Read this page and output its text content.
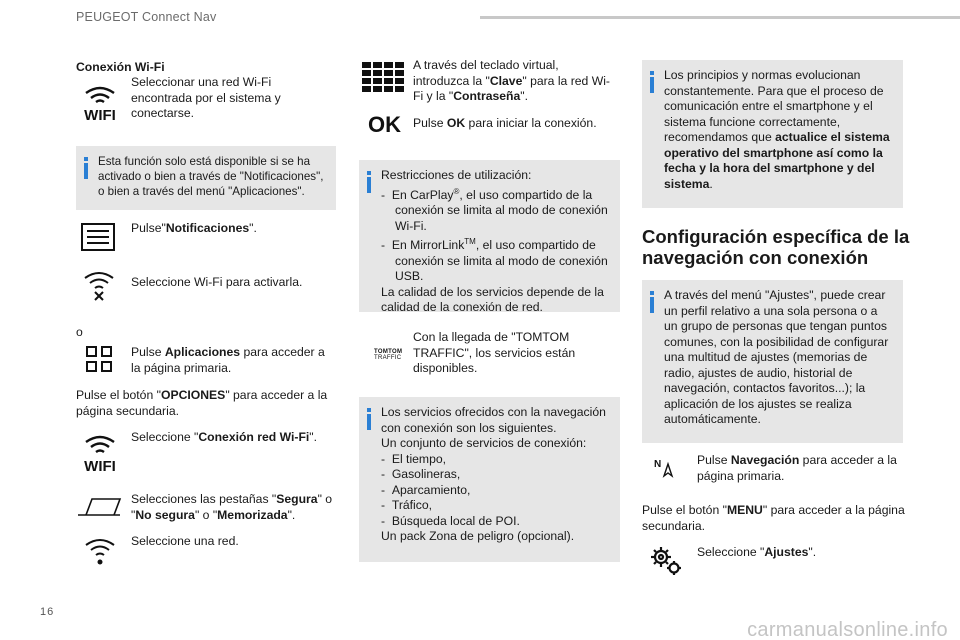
PEUGEOT Connect Nav
Conexión Wi-Fi
WIFI
Seleccionar una red Wi-Fi encontrada por el sistema y conectarse.
Esta función solo está disponible si se ha activado o bien a través de "Notificaciones", o bien a través del menú "Aplicaciones".
Pulse"Notificaciones".
Seleccione Wi-Fi para activarla.
o
Pulse Aplicaciones para acceder a la página primaria.
Pulse el botón "OPCIONES" para acceder a la página secundaria.
WIFI
Seleccione "Conexión red Wi-Fi".
Selecciones las pestañas "Segura" o "No segura" o "Memorizada".
Seleccione una red.
A través del teclado virtual, introduzca la "Clave" para la red Wi-Fi y la "Contraseña".
OK Pulse OK para iniciar la conexión.
Restricciones de utilización:
-  En CarPlay®, el uso compartido de la conexión se limita al modo de conexión Wi-Fi.
-  En MirrorLink™, el uso compartido de conexión se limita al modo de conexión USB.
La calidad de los servicios depende de la calidad de la conexión de red.
TOMTOM
TRAFFIC
Con la llegada de "TOMTOM TRAFFIC", los servicios están disponibles.
Los servicios ofrecidos con la navegación con conexión son los siguientes.
Un conjunto de servicios de conexión:
-  El tiempo,
-  Gasolineras,
-  Aparcamiento,
-  Tráfico,
-  Búsqueda local de POI.
Un pack Zona de peligro (opcional).
Los principios y normas evolucionan constantemente. Para que el proceso de comunicación entre el smartphone y el sistema funcione correctamente, recomendamos que actualice el sistema operativo del smartphone así como la fecha y la hora del smartphone y del sistema.
Configuración específica de la navegación con conexión
A través del menú "Ajustes", puede crear un perfil relativo a una sola persona o a un grupo de personas que tengan puntos comunes, con la posibilidad de configurar una multitud de ajustes (memorias de radio, ajustes de audio, historial de navegación, contactos favoritos...); la aplicación de los ajustes se realiza automáticamente.
N	Pulse Navegación para acceder a la página primaria.
Pulse el botón "MENU" para acceder a la página secundaria.
Seleccione "Ajustes".
16
carmanualsonline.info
